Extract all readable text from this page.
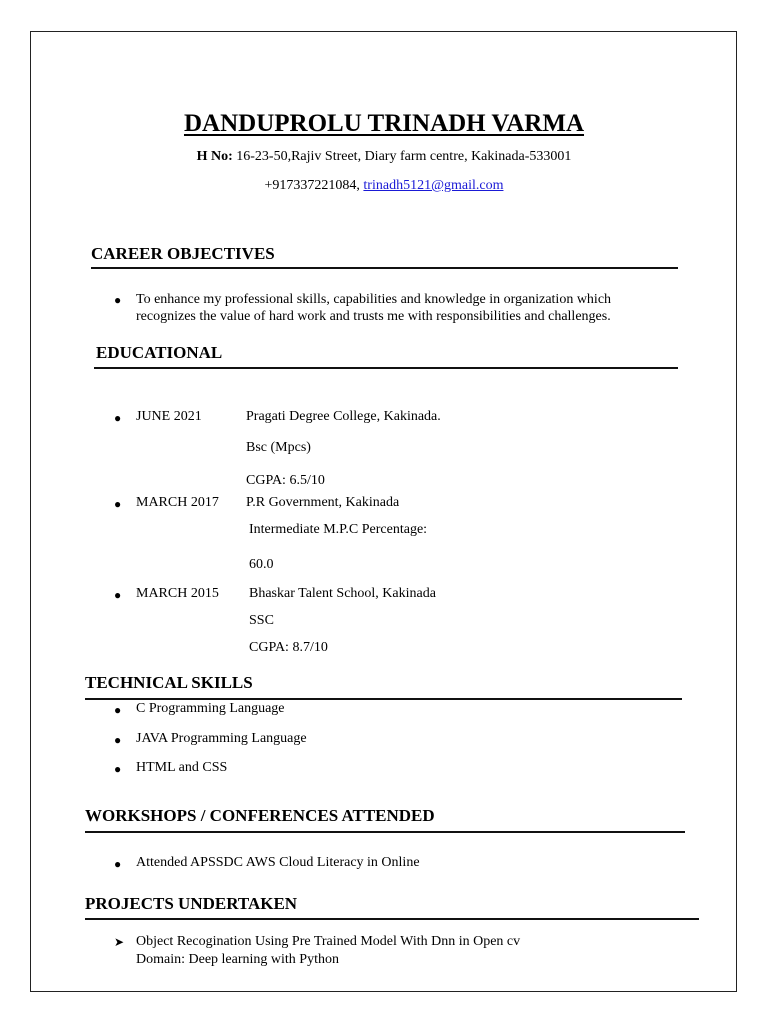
DANDUPROLU TRINADH VARMA
H No: 16-23-50,Rajiv Street, Diary farm centre, Kakinada-533001
+917337221084, trinadh5121@gmail.com
CAREER OBJECTIVES
● To enhance my professional skills, capabilities and knowledge in organization which
recognizes the value of hard work and trusts me with responsibilities and challenges.
EDUCATIONAL
● JUNE 2021	Pragati Degree College, Kakinada.
Bsc (Mpcs)
CGPA: 6.5/10
● MARCH 2017 P.R Government, Kakinada
Intermediate M.P.C Percentage:
60.0
● MARCH 2015 Bhaskar Talent School, Kakinada
SSC
CGPA: 8.7/10
TECHNICAL SKILLS
● C Programming Language
● JAVA Programming Language
● HTML and CSS
WORKSHOPS / CONFERENCES ATTENDED
● Attended APSSDC AWS Cloud Literacy in Online
PROJECTS UNDERTAKEN
➤ Object Recogination Using Pre Trained Model With Dnn in Open cv
Domain: Deep learning with Python
